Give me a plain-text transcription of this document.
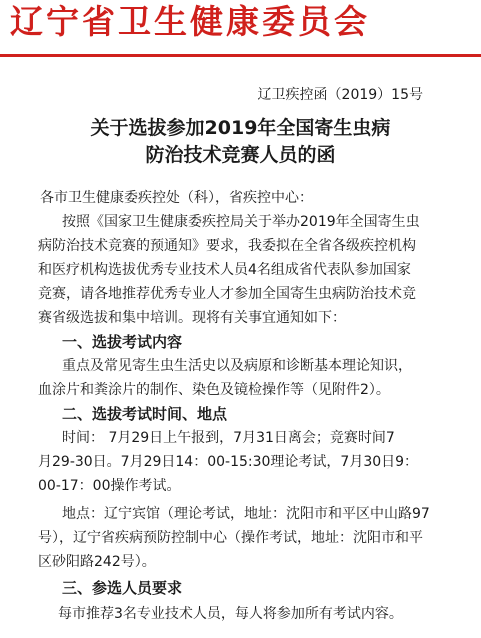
辽宁省卫生健康委员会
辽卫疾控函（2019）15号
关于选拔参加2019年全国寄生虫病
防治技术竞赛人员的函
各市卫生健康委疾控处（科），省疾控中心：
按照《国家卫生健康委疾控局关于举办2019年全国寄生虫
病防治技术竞赛的预通知》要求，我委拟在全省各级疾控机构
和医疗机构选拔优秀专业技术人员4名组成省代表队参加国家
竞赛，请各地推荐优秀专业人才参加全国寄生虫病防治技术竞
赛省级选拔和集中培训。现将有关事宜通知如下：
一、选拔考试内容
重点及常见寄生虫生活史以及病原和诊断基本理论知识，
血涂片和粪涂片的制作、染色及镜检操作等（见附件2）。
二、选拔考试时间、地点
时间： 7月29日上午报到，7月31日离会；竞赛时间7
月29-30日。7月29日14：00-15:30理论考试，7月30日9：
00-17：00操作考试。
地点：辽宁宾馆（理论考试，地址：沈阳市和平区中山路97
号），辽宁省疾病预防控制中心（操作考试，地址：沈阳市和平
区砂阳路242号）。
三、参选人员要求
每市推荐3名专业技术人员，每人将参加所有考试内容。
